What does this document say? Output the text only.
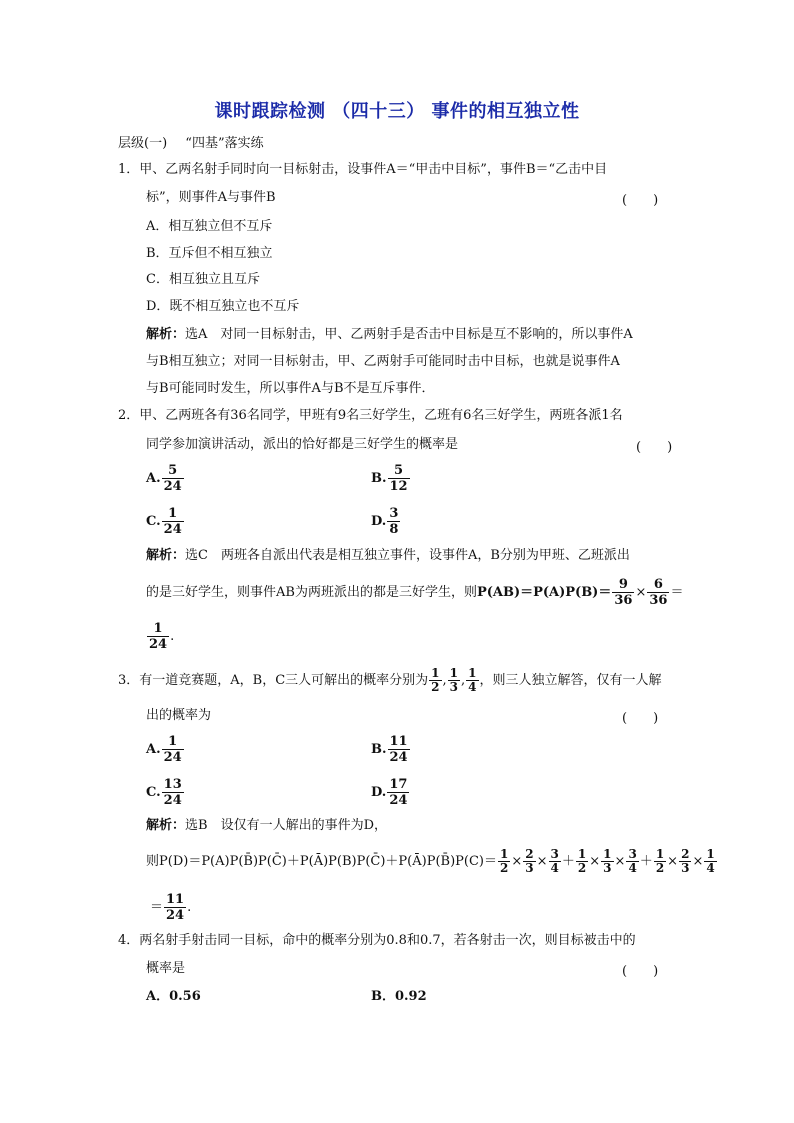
课时跟踪检测 （四十三） 事件的相互独立性
层级(一) “四基”落实练
1．甲、乙两名射手同时向一目标射击，设事件A＝“甲击中目标”，事件B＝“乙击中目
标”，则事件A与事件B	(　　)
A．相互独立但不互斥
B．互斥但不相互独立
C．相互独立且互斥
D．既不相互独立也不互斥
解析：选A　对同一目标射击，甲、乙两射手是否击中目标是互不影响的，所以事件A
与B相互独立；对同一目标射击，甲、乙两射手可能同时击中目标，也就是说事件A
与B可能同时发生，所以事件A与B不是互斥事件．
2．甲、乙两班各有36名同学，甲班有9名三好学生，乙班有6名三好学生，两班各派1名
同学参加演讲活动，派出的恰好都是三好学生的概率是	(　　)
A. $\frac{5}{24}$	B. $\frac{5}{12}$
C. $\frac{1}{24}$	D. $\frac{3}{8}$
解析：选C　两班各自派出代表是相互独立事件，设事件A，B分别为甲班、乙班派出
的是三好学生，则事件AB为两班派出的都是三好学生，则$P(AB)=P(A)P(B)= \frac{9}{36} \times \frac{6}{36}$ ＝
$\frac{1}{24}$ .
3．有一道竞赛题，A，B，C三人可解出的概率分别为 $\frac{1}{2}$ , $\frac{1}{3}$ , $\frac{1}{4}$ ，则三人独立解答，仅有一人解
出的概率为	(　　)
A. $\frac{1}{24}$	B. $\frac{11}{24}$
C. $\frac{13}{24}$	D. $\frac{17}{24}$
解析：选B　设仅有一人解出的事件为D，
则P(D)＝P(A)P(B̄)P(C̄)＋P(Ā)P(B)P(C̄)＋P(Ā)P(B̄)P(C)＝ $\frac{1}{2} \times \frac{2}{3} \times \frac{3}{4} + \frac{1}{2} \times \frac{1}{3} \times \frac{3}{4} + \frac{1}{2} \times \frac{2}{3} \times \frac{1}{4}$
＝ $\frac{11}{24}$ .
4．两名射手射击同一目标，命中的概率分别为0.8和0.7，若各射击一次，则目标被击中的
概率是	(　　)
A．0.56	B．0.92
